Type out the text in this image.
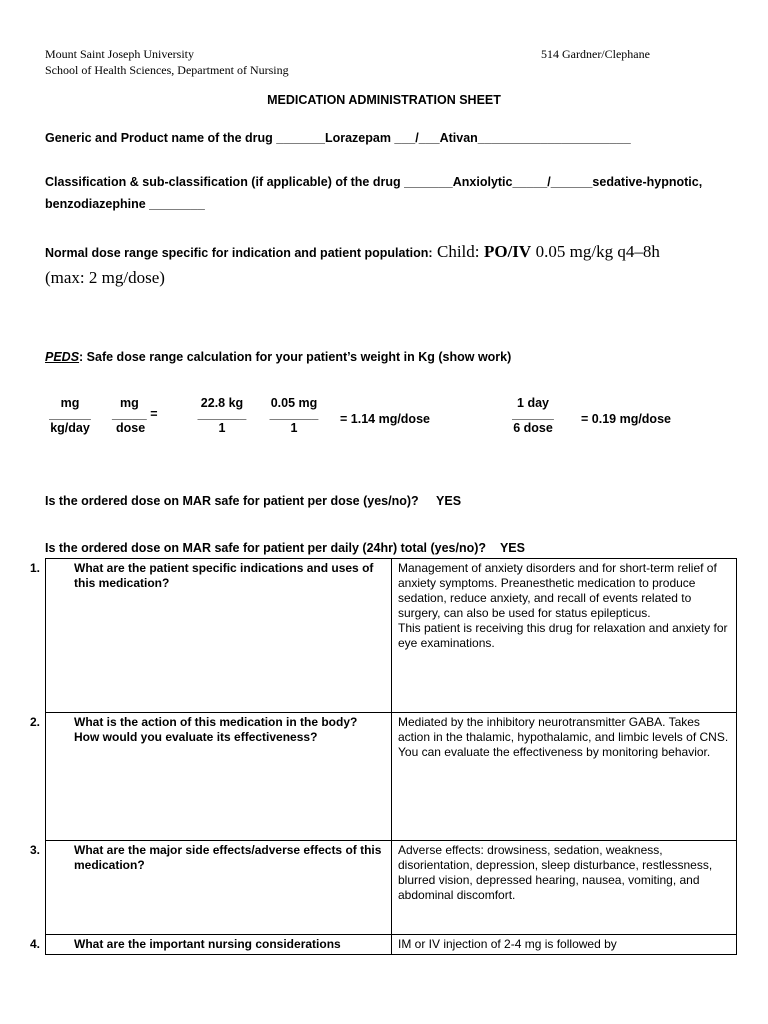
Mount Saint Joseph University
School of Health Sciences, Department of Nursing
514 Gardner/Clephane
MEDICATION ADMINISTRATION SHEET
Generic and Product name of the drug _______Lorazepam ___/___Ativan______________________
Classification & sub-classification (if applicable) of the drug _______Anxiolytic_____/______sedative-hypnotic,
benzodiazephine ________
Normal dose range specific for indication and patient population: Child: PO/IV 0.05 mg/kg q4–8h
(max: 2 mg/dose)
PEDS: Safe dose range calculation for your patient’s weight in Kg (show work)
mg
______
kg/day
mg
_____ =
dose
22.8 kg
_______
1
0.05 mg
_______
1
= 1.14 mg/dose
1 day
______
6 dose
= 0.19 mg/dose
Is the ordered dose on MAR safe for patient per dose (yes/no)? YES
Is the ordered dose on MAR safe for patient per daily (24hr) total (yes/no)? YES
1. What are the patient specific indications and uses of this medication?	Management of anxiety disorders and for short-term relief of anxiety symptoms. Preanesthetic medication to produce sedation, reduce anxiety, and recall of events related to surgery, can also be used for status epilepticus.
This patient is receiving this drug for relaxation and anxiety for eye examinations.

2. What is the action of this medication in the body? How would you evaluate its effectiveness?	Mediated by the inhibitory neurotransmitter GABA. Takes action in the thalamic, hypothalamic, and limbic levels of CNS.
You can evaluate the effectiveness by monitoring behavior.

3. What are the major side effects/adverse effects of this medication?	Adverse effects: drowsiness, sedation, weakness, disorientation, depression, sleep disturbance, restlessness, blurred vision, depressed hearing, nausea, vomiting, and abdominal discomfort.

4. What are the important nursing considerations	IM or IV injection of 2-4 mg is followed by
